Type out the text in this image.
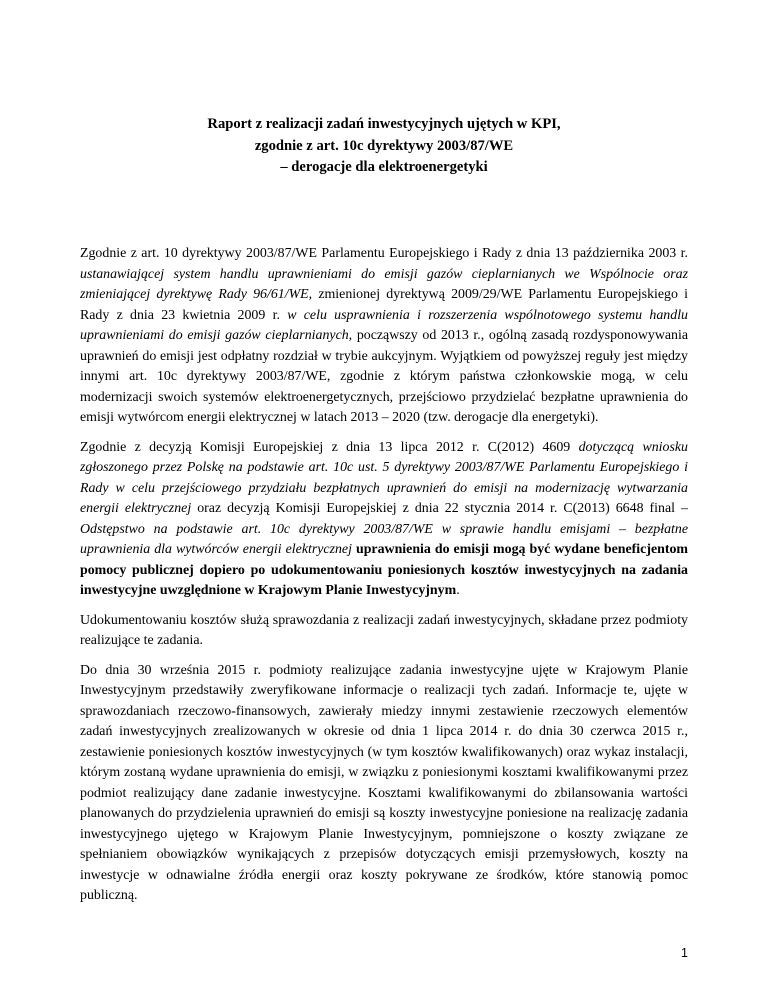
Raport z realizacji zadań inwestycyjnych ujętych w KPI,
zgodnie z art. 10c dyrektywy 2003/87/WE
– derogacje dla elektroenergetyki

Zgodnie z art. 10 dyrektywy 2003/87/WE Parlamentu Europejskiego i Rady z dnia 13 października 2003 r. ustanawiającej system handlu uprawnieniami do emisji gazów cieplarnianych we Wspólnocie oraz zmieniającej dyrektywę Rady 96/61/WE, zmienionej dyrektywą 2009/29/WE Parlamentu Europejskiego i Rady z dnia 23 kwietnia 2009 r. w celu usprawnienia i rozszerzenia wspólnotowego systemu handlu uprawnieniami do emisji gazów cieplarnianych, począwszy od 2013 r., ogólną zasadą rozdysponowywania uprawnień do emisji jest odpłatny rozdział w trybie aukcyjnym. Wyjątkiem od powyższej reguły jest między innymi art. 10c dyrektywy 2003/87/WE, zgodnie z którym państwa członkowskie mogą, w celu modernizacji swoich systemów elektroenergetycznych, przejściowo przydzielać bezpłatne uprawnienia do emisji wytwórcom energii elektrycznej w latach 2013 – 2020 (tzw. derogacje dla energetyki).

Zgodnie z decyzją Komisji Europejskiej z dnia 13 lipca 2012 r. C(2012) 4609 dotyczącą wniosku zgłoszonego przez Polskę na podstawie art. 10c ust. 5 dyrektywy 2003/87/WE Parlamentu Europejskiego i Rady w celu przejściowego przydziału bezpłatnych uprawnień do emisji na modernizację wytwarzania energii elektrycznej oraz decyzją Komisji Europejskiej z dnia 22 stycznia 2014 r. C(2013) 6648 final – Odstępstwo na podstawie art. 10c dyrektywy 2003/87/WE w sprawie handlu emisjami – bezpłatne uprawnienia dla wytwórców energii elektrycznej uprawnienia do emisji mogą być wydane beneficjentom pomocy publicznej dopiero po udokumentowaniu poniesionych kosztów inwestycyjnych na zadania inwestycyjne uwzględnione w Krajowym Planie Inwestycyjnym.

Udokumentowaniu kosztów służą sprawozdania z realizacji zadań inwestycyjnych, składane przez podmioty realizujące te zadania.

Do dnia 30 września 2015 r. podmioty realizujące zadania inwestycyjne ujęte w Krajowym Planie Inwestycyjnym przedstawiły zweryfikowane informacje o realizacji tych zadań. Informacje te, ujęte w sprawozdaniach rzeczowo-finansowych, zawierały miedzy innymi zestawienie rzeczowych elementów zadań inwestycyjnych zrealizowanych w okresie od dnia 1 lipca 2014 r. do dnia 30 czerwca 2015 r., zestawienie poniesionych kosztów inwestycyjnych (w tym kosztów kwalifikowanych) oraz wykaz instalacji, którym zostaną wydane uprawnienia do emisji, w związku z poniesionymi kosztami kwalifikowanymi przez podmiot realizujący dane zadanie inwestycyjne. Kosztami kwalifikowanymi do zbilansowania wartości planowanych do przydzielenia uprawnień do emisji są koszty inwestycyjne poniesione na realizację zadania inwestycyjnego ujętego w Krajowym Planie Inwestycyjnym, pomniejszone o koszty związane ze spełnianiem obowiązków wynikających z przepisów dotyczących emisji przemysłowych, koszty na inwestycje w odnawialne źródła energii oraz koszty pokrywane ze środków, które stanowią pomoc publiczną.

1
